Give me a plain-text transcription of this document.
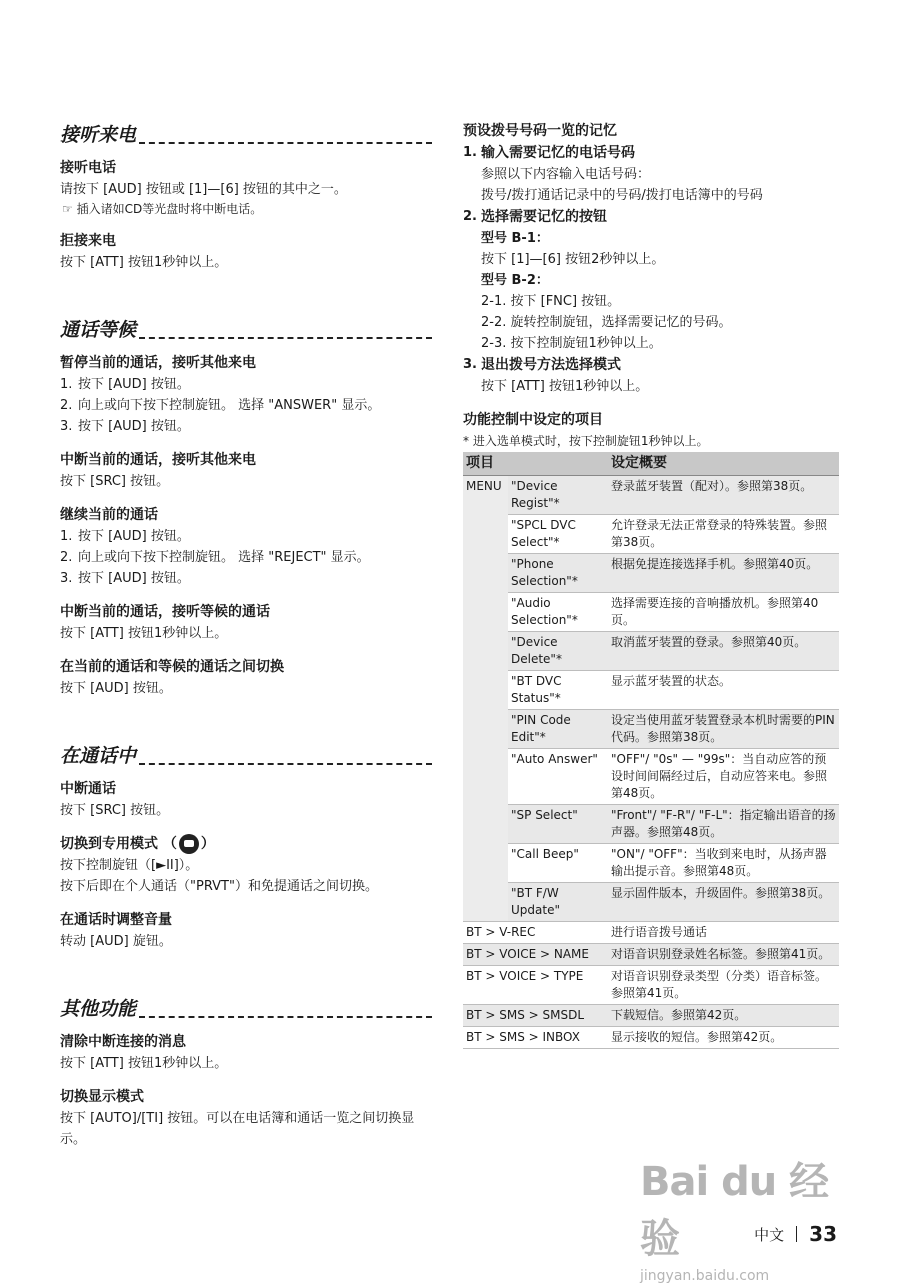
接听来电

接听电话

请按下 [AUD] 按钮或 [1]—[6] 按钮的其中之一。

☞ 插入诸如CD等光盘时将中断电话。

拒接来电

按下 [ATT] 按钮1秒钟以上。

通话等候

暂停当前的通话，接听其他来电

1. 按下 [AUD] 按钮。
2. 向上或向下按下控制旋钮。 选择 "ANSWER" 显示。
3. 按下 [AUD] 按钮。

中断当前的通话，接听其他来电

按下 [SRC] 按钮。

继续当前的通话

1. 按下 [AUD] 按钮。
2. 向上或向下按下控制旋钮。 选择 "REJECT" 显示。
3. 按下 [AUD] 按钮。

中断当前的通话，接听等候的通话

按下 [ATT] 按钮1秒钟以上。

在当前的通话和等候的通话之间切换

按下 [AUD] 按钮。

在通话中

中断通话

按下 [SRC] 按钮。

切换到专用模式 （ ）

按下控制旋钮（[►II]）。

按下后即在个人通话（"PRVT"）和免提通话之间切换。

在通话时调整音量

转动 [AUD] 旋钮。

其他功能

清除中断连接的消息

按下 [ATT] 按钮1秒钟以上。

切换显示模式

按下 [AUTO]/[TI] 按钮。可以在电话簿和通话一览之间切换显示。

预设拨号号码一览的记忆

1. 输入需要记忆的电话号码

参照以下内容输入电话号码：

拨号/拨打通话记录中的号码/拨打电话簿中的号码

2. 选择需要记忆的按钮

型号 B-1：

按下 [1]—[6] 按钮2秒钟以上。

型号 B-2：

2-1. 按下 [FNC] 按钮。

2-2. 旋转控制旋钮，选择需要记忆的号码。

2-3. 按下控制旋钮1秒钟以上。

3. 退出拨号方法选择模式

按下 [ATT] 按钮1秒钟以上。

功能控制中设定的项目

* 进入选单模式时，按下控制旋钮1秒钟以上。

项目		设定概要
MENU	"Device Regist"*	登录蓝牙装置（配对）。参照第38页。
	"SPCL DVC Select"*	允许登录无法正常登录的特殊装置。参照第38页。
	"Phone Selection"*	根据免提连接选择手机。参照第40页。
	"Audio Selection"*	选择需要连接的音响播放机。参照第40页。
	"Device Delete"*	取消蓝牙装置的登录。参照第40页。
	"BT DVC Status"*	显示蓝牙装置的状态。
	"PIN Code Edit"*	设定当使用蓝牙装置登录本机时需要的PIN代码。参照第38页。
	"Auto Answer"	"OFF"/ "0s" — "99s"：当自动应答的预设时间间隔经过后，自动应答来电。参照第48页。
	"SP Select"	"Front"/ "F-R"/ "F-L"：指定输出语音的扬声器。参照第48页。
	"Call Beep"	"ON"/ "OFF"：当收到来电时，从扬声器输出提示音。参照第48页。
	"BT F/W Update"	显示固件版本，升级固件。参照第38页。
BT > V-REC		进行语音拨号通话
BT > VOICE > NAME		对语音识别登录姓名标签。参照第41页。
BT > VOICE > TYPE		对语音识别登录类型（分类）语音标签。参照第41页。
BT > SMS > SMSDL		下载短信。参照第42页。
BT > SMS > INBOX		显示接收的短信。参照第42页。
Bai du 经验
jingyan.baidu.com
中文 33
